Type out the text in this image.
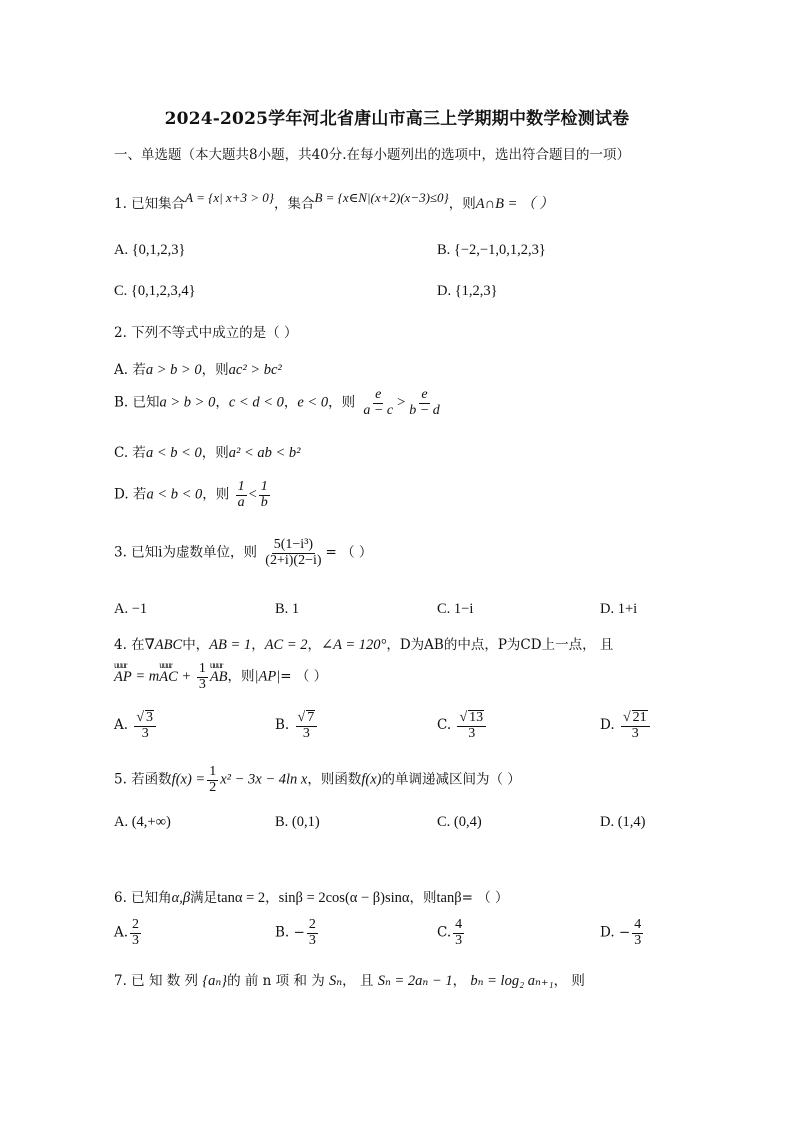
2024-2025学年河北省唐山市高三上学期期中数学检测试卷
一、单选题（本大题共8小题，共40分.在每小题列出的选项中，选出符合题目的一项）
1. 已知集合A = {x| x+3 > 0}，集合B = {x∈N|(x+2)(x−3)≤0}，则A∩B = （ ）
A. {0,1,2,3}	B. {−2,−1,0,1,2,3}
C. {0,1,2,3,4}	D. {1,2,3}
2. 下列不等式中成立的是（ ）
A. 若a > b > 0，则ac² > bc²
B. 已知a > b > 0，c < d < 0，e < 0，则 $\frac{e}{a - c} > \frac{e}{b - d}$
C. 若a < b < 0，则a² < ab < b²
D. 若a < b < 0，则 $\frac{1}{a} < \frac{1}{b}$
3. 已知i为虚数单位，则 $\frac{\text{5(1−i³)}}{(2+i)(2-i)}$ = （ ）
A. −1	B. 1	C. 1−i	D. 1+i
4. 在∇ABC中，AB = 1，AC = 2，∠A = 120°，D为AB的中点，P为CD上一点， 且
uuur AP = muuur AC + $\frac{1}{3}$ uuur AB，则|AP|= （ ）
A. √ $\frac{3}{3}$	B. √ $\frac{7}{3}$	C. √ $\frac{13}{3}$	D. √ $\frac{21}{3}$
5. 若函数$f(x) = \frac{1}{2} x^2 - 3x - 4\ln$ x，则函数f(x)的单调递减区间为（ ）
A. (4,+∞)	B. (0,1)	C. (0,4)	D. (1,4)
6. 已知角α,β满足tanα = 2，sinβ = 2cos(α − β)sinα，则tanβ= （ ）
A. $\frac{2}{3}$	B. − $\frac{2}{3}$	C. $\frac{4}{3}$	D. − $\frac{4}{3}$
7. 已 知 数 列 {aₙ}的 前 n 项 和 为 Sₙ， 且 Sₙ = 2aₙ − 1， bₙ = log₂ aₙ₊₁， 则
